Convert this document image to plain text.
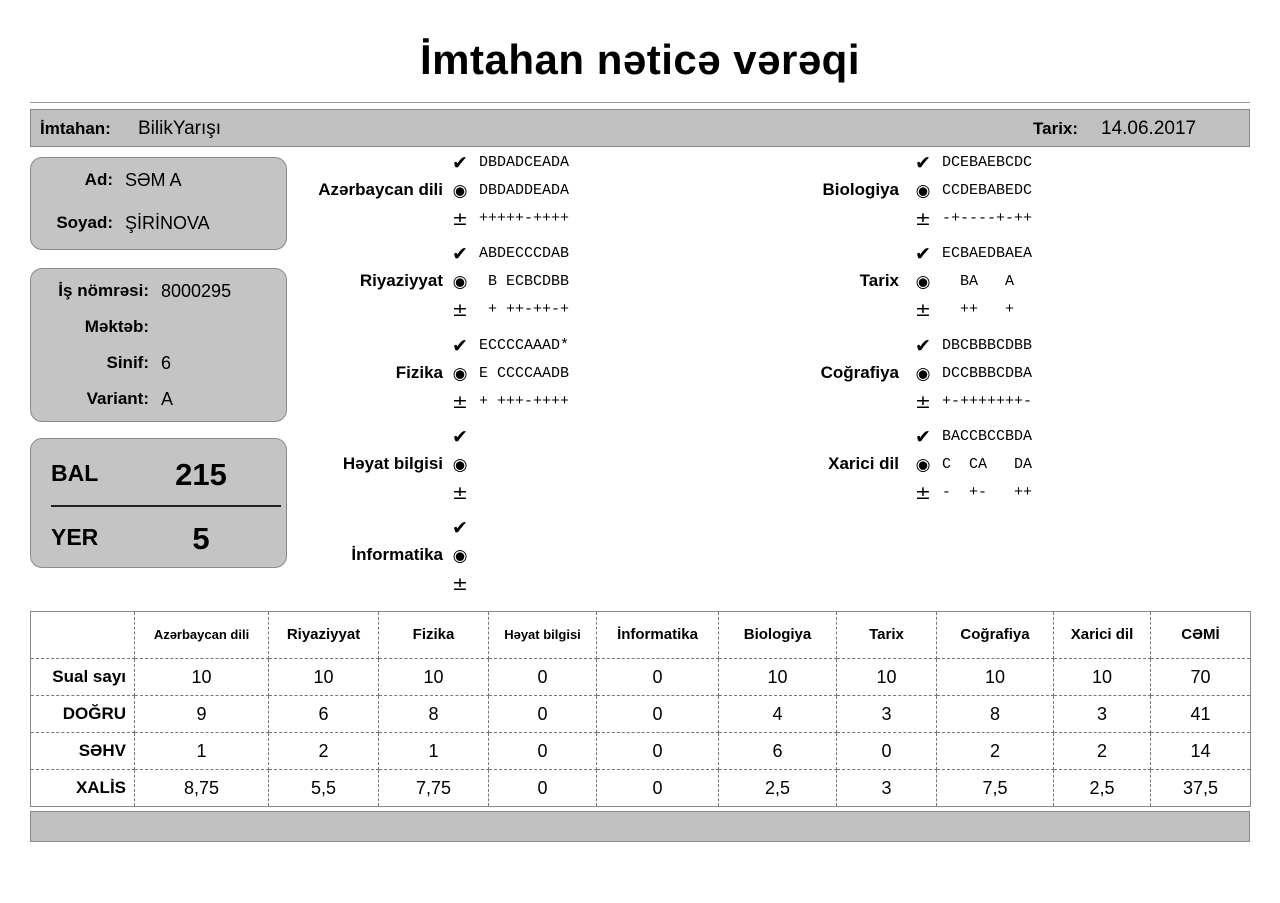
İmtahan nəticə vərəqi
İmtahan: BilikYarışı	Tarix: 14.06.2017
Ad: SƏM A
Soyad: ŞİRİNOVA
İş nömrəsi: 8000295
Məktəb:
Sinif: 6
Variant: A
BAL 215
YER	5
Azərbaycan dili
✔ DBDADCEADA
◉ DBDADDEADA
± +++++-++++
Riyaziyyat
✔ ABDECCCDAB
◉ B ECBCDBB
± + ++-++-+
Fizika
✔ ECCCCAAAD*
◉ E CCCCAADB
± + +++-++++
Həyat bilgisi
✔
◉
±
İnformatika
✔
◉
±
Biologiya
✔ DCEBAEBCDC
◉ CCDEBABEDC
± -+----+-++
Tarix
✔ ECBAEDBAEA
◉ BA   A
± ++   +
Coğrafiya
✔ DBCBBBCDBB
◉ DCCBBBCDBA
± +-+++++++-
Xarici dil
✔ BACCBCCBDA
◉ C  CA   DA
± -  +-   ++
	Azərbaycan dili	Riyaziyyat	Fizika	Həyat bilgisi	İnformatika	Biologiya	Tarix	Coğrafiya	Xarici dil	CƏMİ
Sual sayı	10	10	10	0	0	10	10	10	10	70
DOĞRU	9	6	8	0	0	4	3	8	3	41
SƏHV	1	2	1	0	0	6	0	2	2	14
XALİS	8,75	5,5	7,75	0	0	2,5	3	7,5	2,5	37,5
